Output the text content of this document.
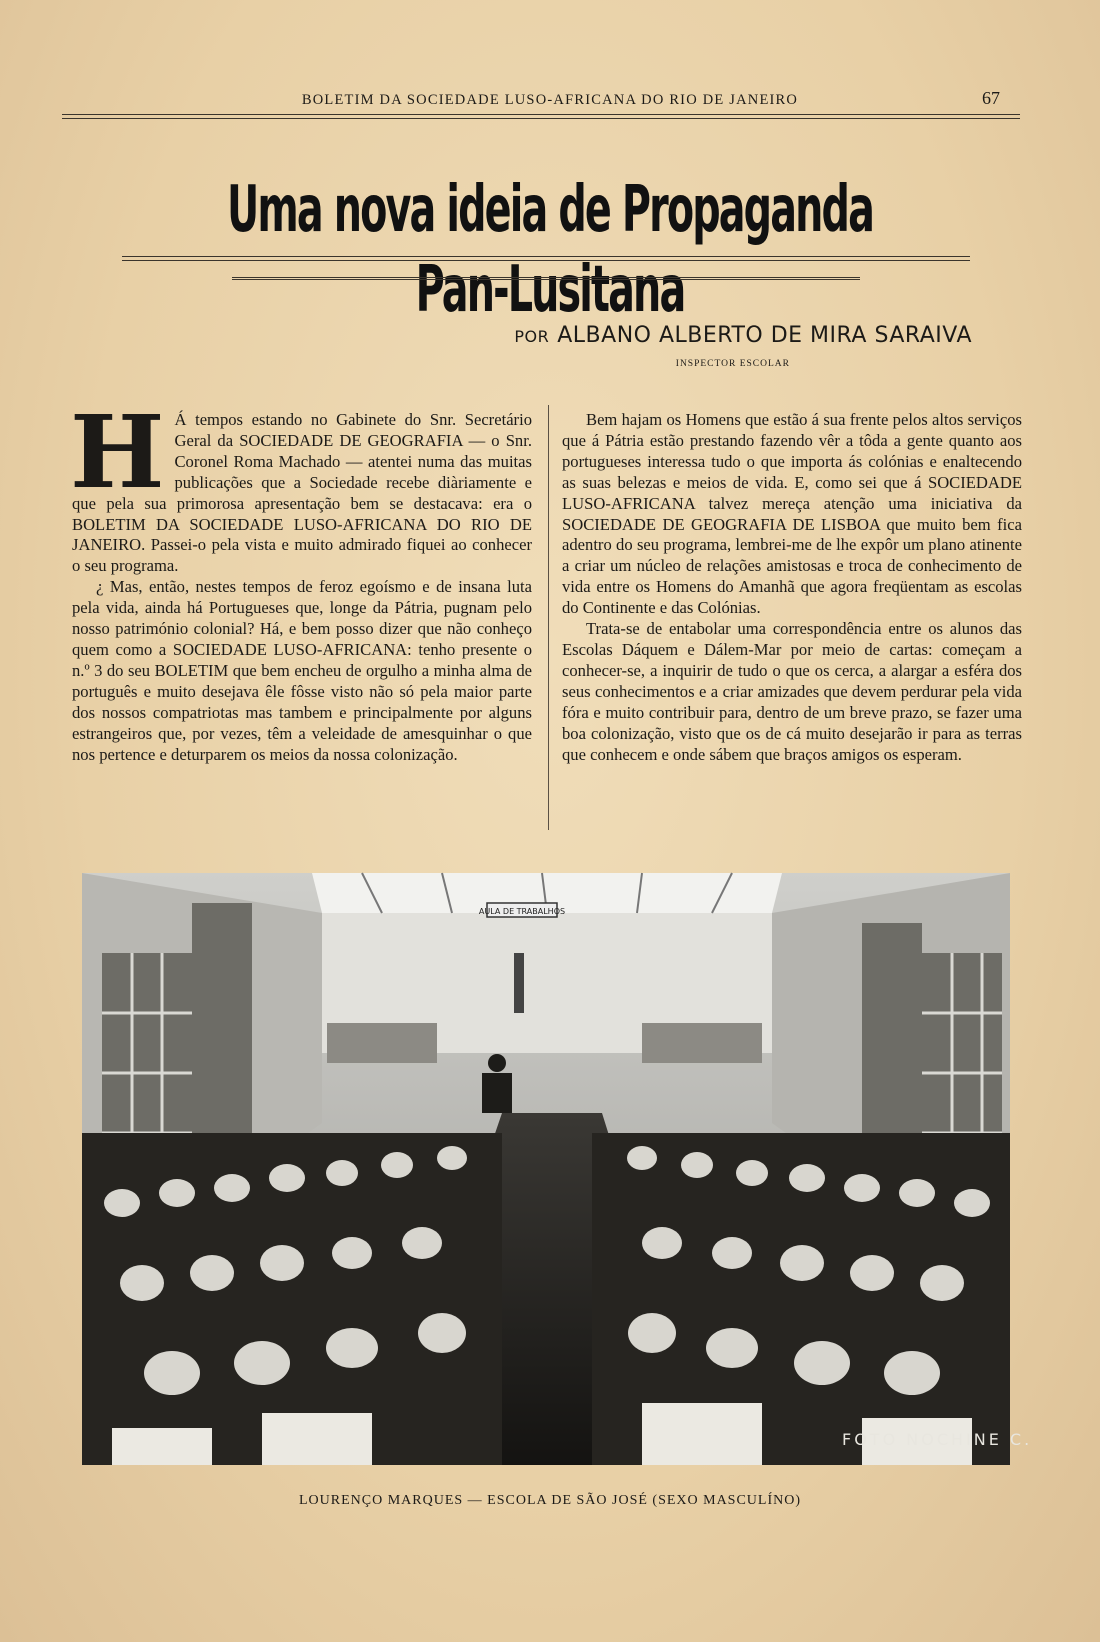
BOLETIM DA SOCIEDADE LUSO-AFRICANA DO RIO DE JANEIRO	67
Uma nova ideia de Propaganda Pan-Lusitana
POR ALBANO ALBERTO DE MIRA SARAIVA
INSPECTOR ESCOLAR
H Á tempos estando no Gabinete do Snr. Secretário Geral da SOCIEDADE DE GEOGRAFIA — o Snr. Coronel Roma Machado — atentei numa das muitas publicações que a Sociedade recebe diàriamente e que pela sua primorosa apresentação bem se destacava: era o BOLETIM DA SOCIEDADE LUSO-AFRICANA DO RIO DE JANEIRO. Passei-o pela vista e muito admirado fiquei ao conhecer o seu programa.

¿ Mas, então, nestes tempos de feroz egoísmo e de insana luta pela vida, ainda há Portugueses que, longe da Pátria, pugnam pelo nosso património colonial? Há, e bem posso dizer que não conheço quem como a SOCIEDADE LUSO-AFRICANA: tenho presente o n.º 3 do seu BOLETIM que bem encheu de orgulho a minha alma de português e muito desejava êle fôsse visto não só pela maior parte dos nossos compatriotas mas tambem e principalmente por alguns estrangeiros que, por vezes, têm a veleidade de amesquinhar o que nos pertence e deturparem os meios da nossa colonização.

Bem hajam os Homens que estão á sua frente pelos altos serviços que á Pátria estão prestando fazendo vêr a tôda a gente quanto aos portugueses interessa tudo o que importa ás colónias e enaltecendo as suas belezas e meios de vida. E, como sei que á SOCIEDADE LUSO-AFRICANA talvez mereça atenção uma iniciativa da SOCIEDADE DE GEOGRAFIA DE LISBOA que muito bem fica adentro do seu programa, lembrei-me de lhe expôr um plano atinente a criar um núcleo de relações amistosas e troca de conhecimento de vida entre os Homens do Amanhã que agora freqüentam as escolas do Continente e das Colónias.

Trata-se de entabolar uma correspondência entre os alunos das Escolas Dáquem e Dálem-Mar por meio de cartas: começam a conhecer-se, a inquirir de tudo o que os cerca, a alargar a esféra dos seus conhecimentos e a criar amizades que devem perdurar pela vida fóra e muito contribuir para, dentro de um breve prazo, se fazer uma boa colonização, visto que os de cá muito desejarão ir para as terras que conhecem e onde sábem que braços amigos os esperam.

AULA DE TRABALHOS
FOTO NOCHINE C.
LOURENÇO MARQUES — ESCOLA DE SÃO JOSÉ (SEXO MASCULÍNO)
